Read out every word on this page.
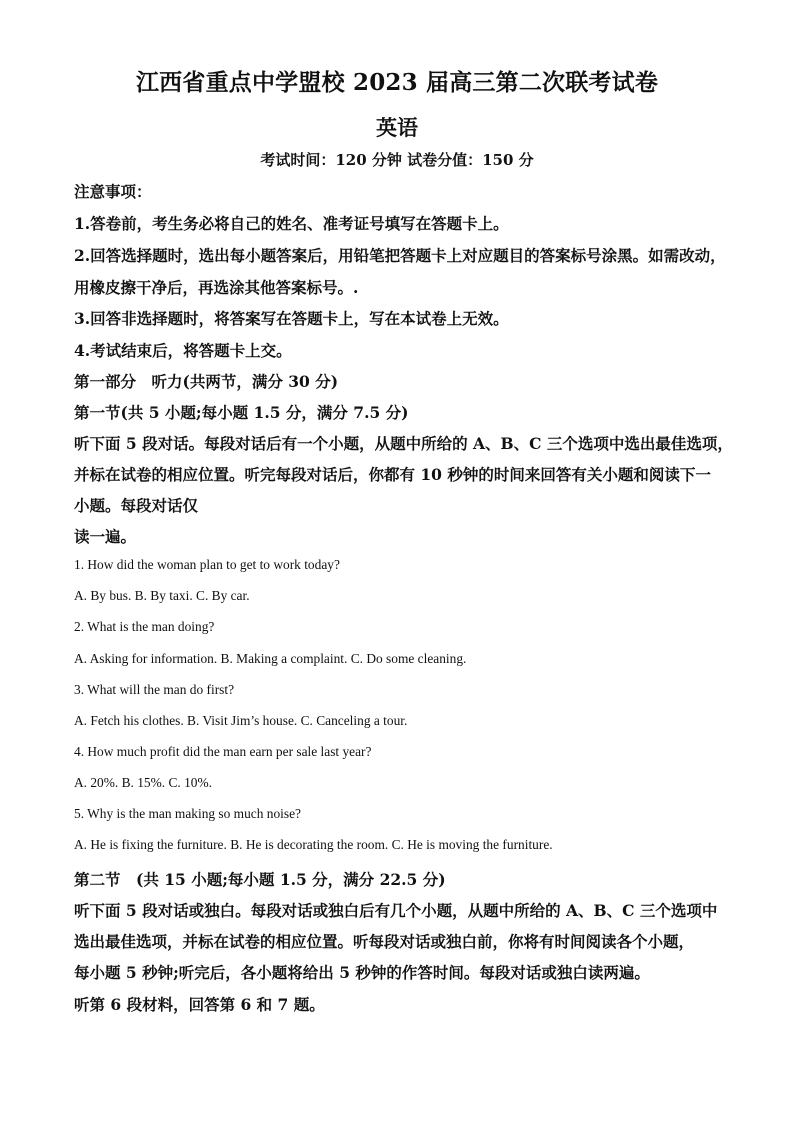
江西省重点中学盟校 2023 届高三第二次联考试卷
英语
考试时间：120 分钟 试卷分值：150 分
注意事项：
1.答卷前，考生务必将自己的姓名、准考证号填写在答题卡上。
2.回答选择题时，选出每小题答案后，用铅笔把答题卡上对应题目的答案标号涂黑。如需改动，
用橡皮擦干净后，再选涂其他答案标号。.
3.回答非选择题时，将答案写在答题卡上，写在本试卷上无效。
4.考试结束后，将答题卡上交。
第一部分　听力(共两节，满分 30 分)
第一节(共 5 小题;每小题 1.5 分，满分 7.5 分)
听下面 5 段对话。每段对话后有一个小题，从题中所给的 A、B、C 三个选项中选出最佳选项，
并标在试卷的相应位置。听完每段对话后，你都有 10 秒钟的时间来回答有关小题和阅读下一
小题。每段对话仅
读一遍。
1. How did the woman plan to get to work today?
A. By bus. B. By taxi. C. By car.
2. What is the man doing?
A. Asking for information. B. Making a complaint. C. Do some cleaning.
3. What will the man do first?
A. Fetch his clothes. B. Visit Jim’s house. C. Canceling a tour.
4. How much profit did the man earn per sale last year?
A. 20%. B. 15%. C. 10%.
5. Why is the man making so much noise?
A. He is fixing the furniture. B. He is decorating the room. C. He is moving the furniture.
第二节　(共 15 小题;每小题 1.5 分，满分 22.5 分)
听下面 5 段对话或独白。每段对话或独白后有几个小题，从题中所给的 A、B、C 三个选项中
选出最佳选项，并标在试卷的相应位置。听每段对话或独白前，你将有时间阅读各个小题，
每小题 5 秒钟;听完后，各小题将给出 5 秒钟的作答时间。每段对话或独白读两遍。
听第 6 段材料，回答第 6 和 7 题。
